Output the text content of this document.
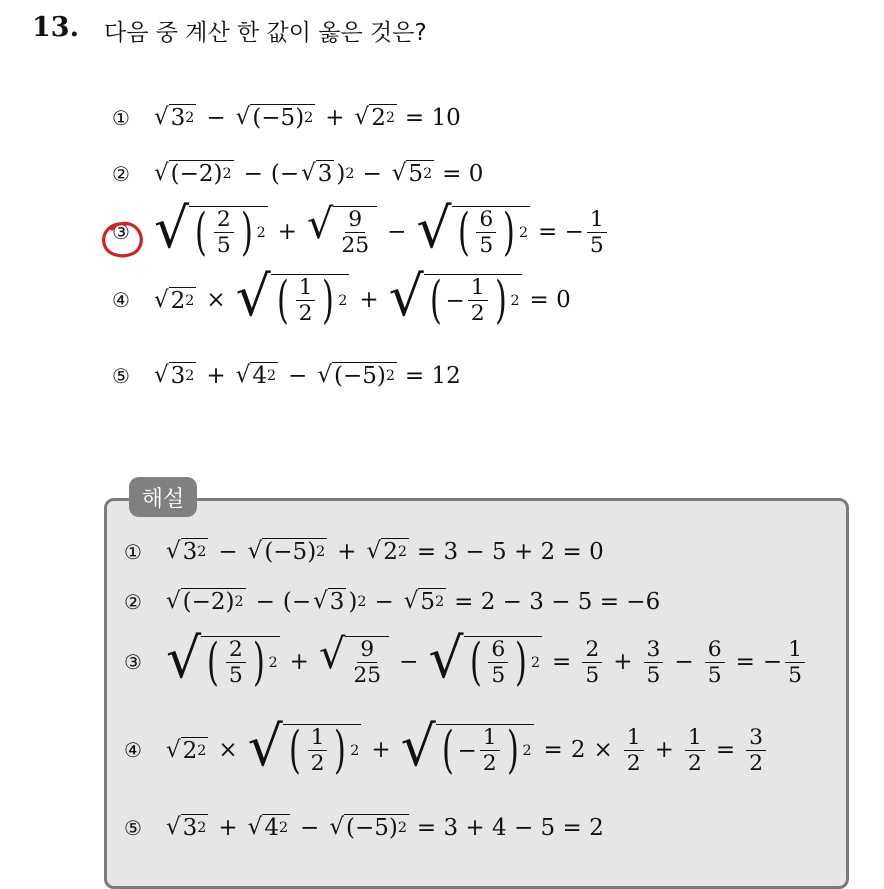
13. 다음 중 계산 한 값이 옳은 것은?
①	√ 3 2 − √ (−5) 2 + √ 2 2 = 10
②	√ (−2) 2 − (− √ 3 ) 2 − √ 5 2 = 0
③ √ ( $\frac{2}{5}$ ) 2 + √ $\frac{9}{25}$ − √ ( $\frac{6}{5}$ ) 2 = − $\frac{1}{5}$
④	√ 2 2 × √ ( $\frac{1}{2}$ ) 2 + √ ( − $\frac{1}{2}$ ) 2 = 0
⑤	√ 3 2 + √ 4 2 − √ (−5) 2 = 12
해설
①	√ 3 2 − √ (−5) 2 + √ 2 2 = 3 − 5 + 2 = 0
②	√ (−2) 2 − (− √ 3 ) 2 − √ 5 2 = 2 − 3 − 5 = −6
③ √ ( $\frac{2}{5}$ ) 2 + √ $\frac{9}{25}$ − √ ( $\frac{6}{5}$ ) $2 = \frac{2}{5} + \frac{3}{5} - \frac{6}{5}$ = − $\frac{1}{5}$
④	√ 2 2 × √ ( $\frac{1}{2}$ ) 2 + √ ( − $\frac{1}{2}$ ) $2 = 2 \times \frac{1}{2} + \frac{1}{2} = \frac{3}{2}$
⑤	√ 3 2 + √ 4 2 − √ (−5) 2 = 3 + 4 − 5 = 2
